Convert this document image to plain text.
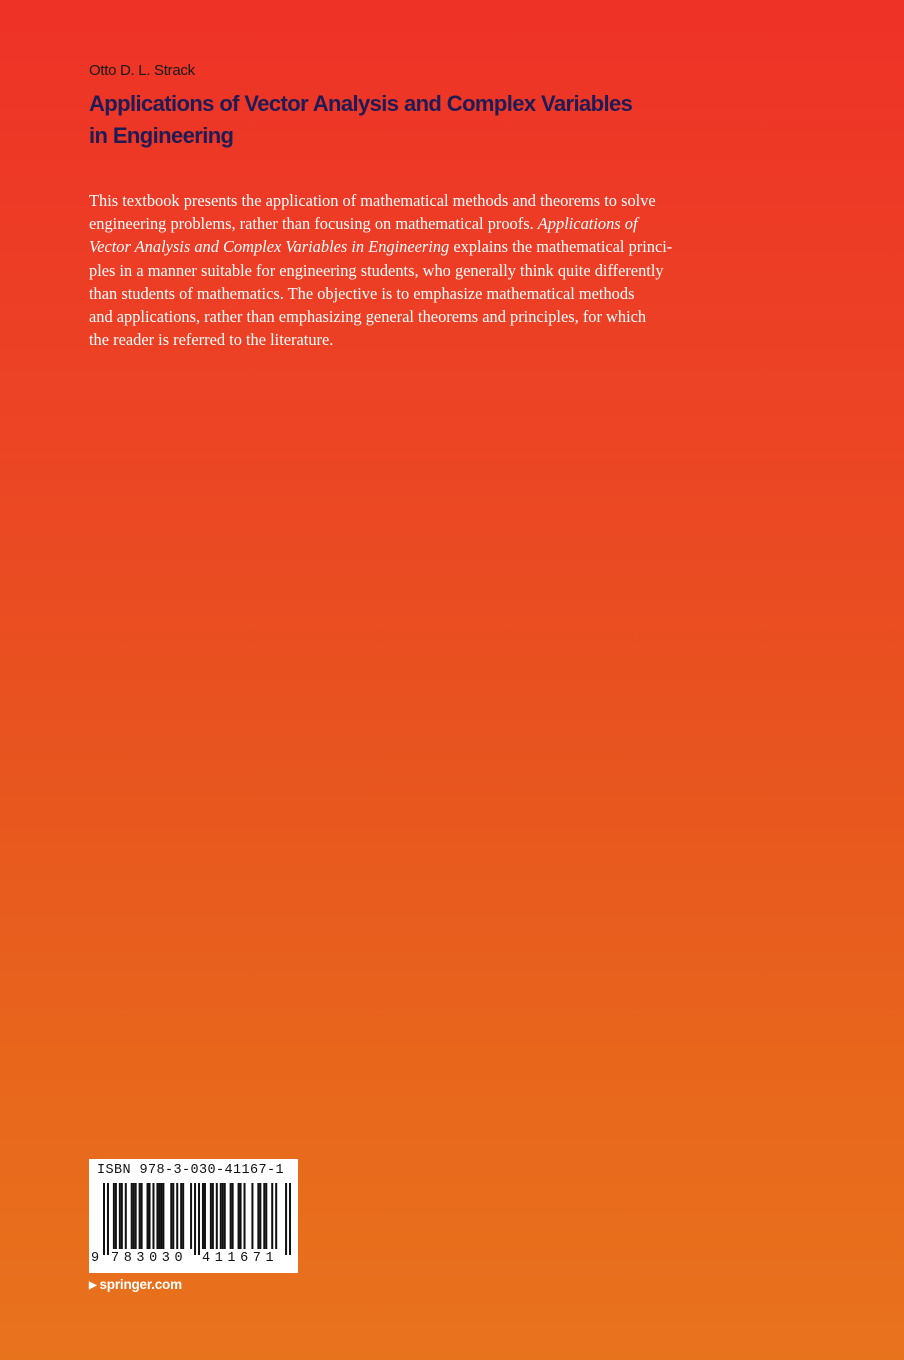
Otto D. L. Strack
Applications of Vector Analysis and Complex Variables
in Engineering

This textbook presents the application of mathematical methods and theorems to solve
engineering problems, rather than focusing on mathematical proofs. Applications of
Vector Analysis and Complex Variables in Engineering explains the mathematical princi-
ples in a manner suitable for engineering students, who generally think quite differently
than students of mathematics. The objective is to emphasize mathematical methods
and applications, rather than emphasizing general theorems and principles, for which
the reader is referred to the literature.

ISBN 978-3-030-41167-1
9 783030 411671
▶ springer.com
